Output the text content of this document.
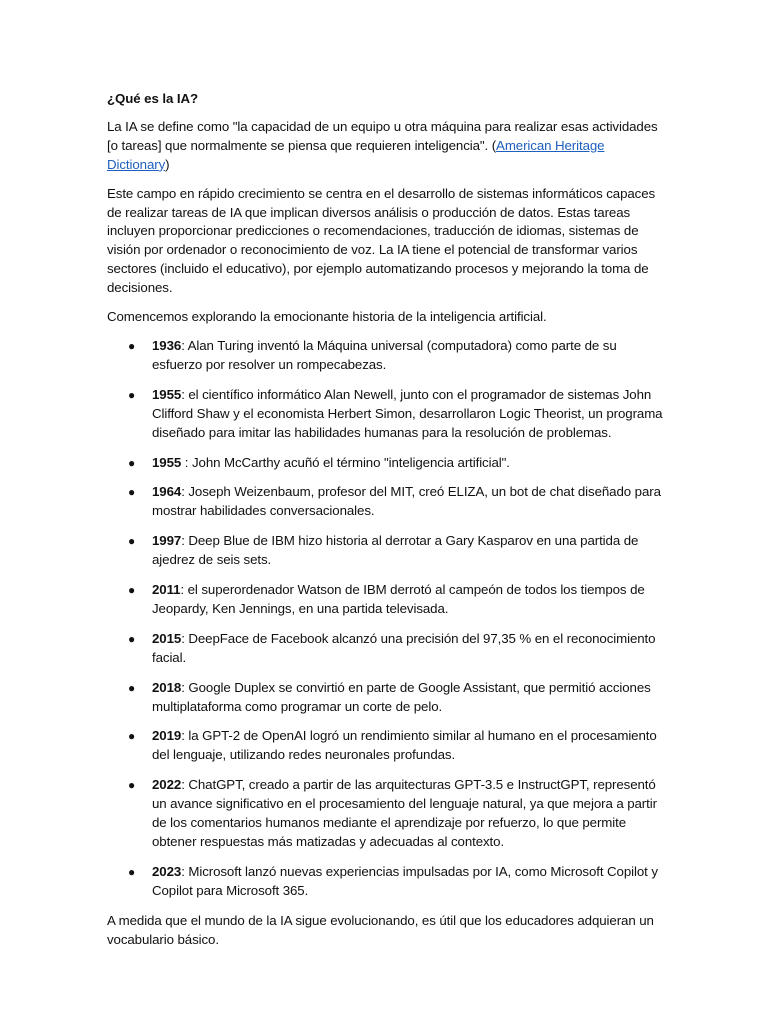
¿Qué es la IA?

La IA se define como "la capacidad de un equipo u otra máquina para realizar esas actividades [o tareas] que normalmente se piensa que requieren inteligencia". (American Heritage Dictionary)

Este campo en rápido crecimiento se centra en el desarrollo de sistemas informáticos capaces de realizar tareas de IA que implican diversos análisis o producción de datos. Estas tareas incluyen proporcionar predicciones o recomendaciones, traducción de idiomas, sistemas de visión por ordenador o reconocimiento de voz. La IA tiene el potencial de transformar varios sectores (incluido el educativo), por ejemplo automatizando procesos y mejorando la toma de decisiones.

Comencemos explorando la emocionante historia de la inteligencia artificial.

● 1936: Alan Turing inventó la Máquina universal (computadora) como parte de su esfuerzo por resolver un rompecabezas.
● 1955: el científico informático Alan Newell, junto con el programador de sistemas John Clifford Shaw y el economista Herbert Simon, desarrollaron Logic Theorist, un programa diseñado para imitar las habilidades humanas para la resolución de problemas.
● 1955 : John McCarthy acuñó el término "inteligencia artificial".
● 1964: Joseph Weizenbaum, profesor del MIT, creó ELIZA, un bot de chat diseñado para mostrar habilidades conversacionales.
● 1997: Deep Blue de IBM hizo historia al derrotar a Gary Kasparov en una partida de ajedrez de seis sets.
● 2011: el superordenador Watson de IBM derrotó al campeón de todos los tiempos de Jeopardy, Ken Jennings, en una partida televisada.
● 2015: DeepFace de Facebook alcanzó una precisión del 97,35 % en el reconocimiento facial.
● 2018: Google Duplex se convirtió en parte de Google Assistant, que permitió acciones multiplataforma como programar un corte de pelo.
● 2019: la GPT-2 de OpenAI logró un rendimiento similar al humano en el procesamiento del lenguaje, utilizando redes neuronales profundas.
● 2022: ChatGPT, creado a partir de las arquitecturas GPT-3.5 e InstructGPT, representó un avance significativo en el procesamiento del lenguaje natural, ya que mejora a partir de los comentarios humanos mediante el aprendizaje por refuerzo, lo que permite obtener respuestas más matizadas y adecuadas al contexto.
● 2023: Microsoft lanzó nuevas experiencias impulsadas por IA, como Microsoft Copilot y Copilot para Microsoft 365.

A medida que el mundo de la IA sigue evolucionando, es útil que los educadores adquieran un vocabulario básico.
